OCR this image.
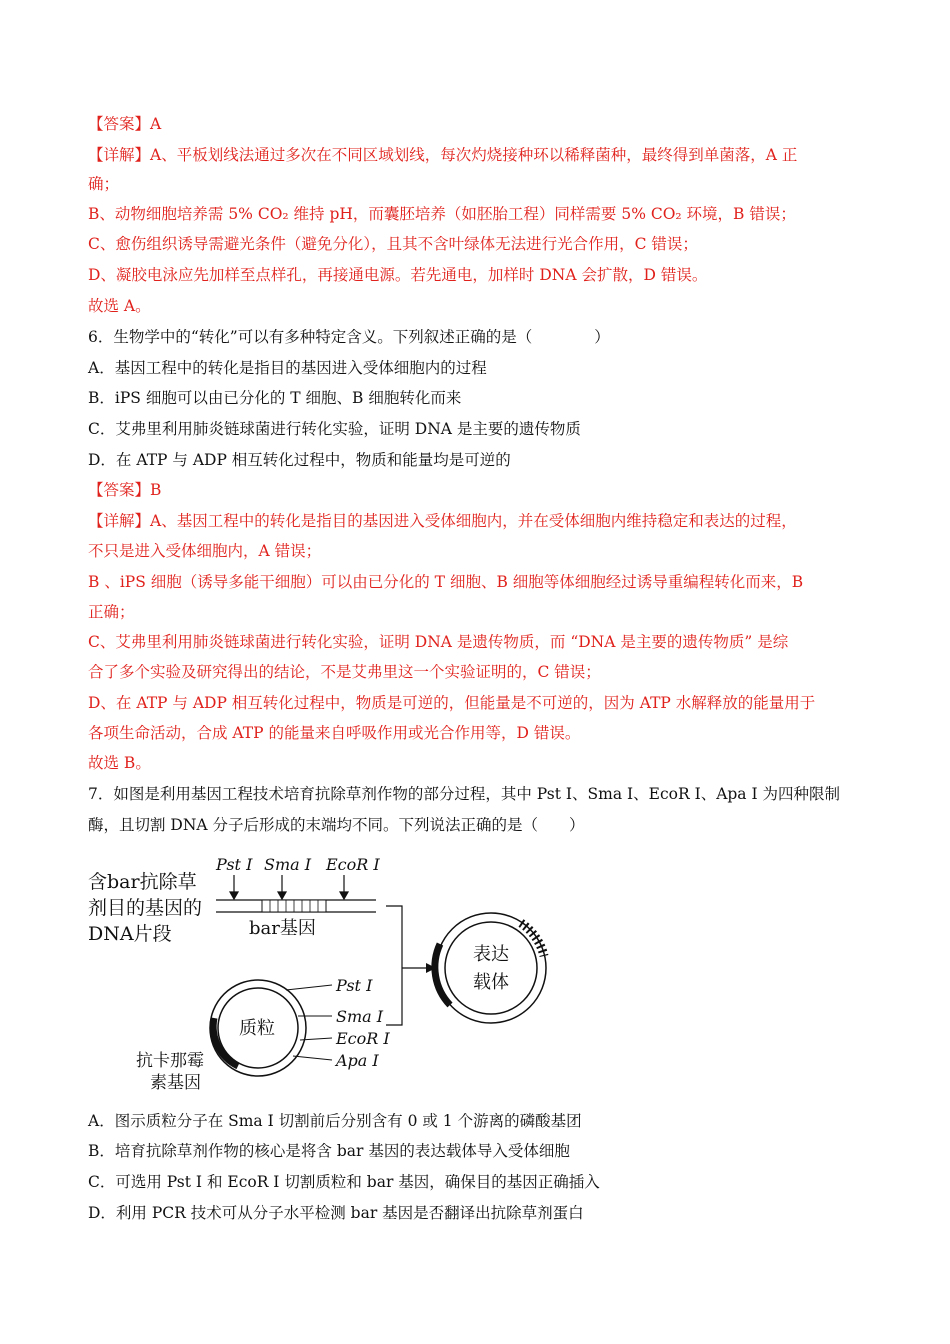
【答案】A
【详解】A、平板划线法通过多次在不同区域划线，每次灼烧接种环以稀释菌种，最终得到单菌落，A 正
确；
B、动物细胞培养需 5% CO₂ 维持 pH，而囊胚培养（如胚胎工程）同样需要 5% CO₂ 环境，B 错误；
C、愈伤组织诱导需避光条件（避免分化），且其不含叶绿体无法进行光合作用，C 错误；
D、凝胶电泳应先加样至点样孔，再接通电源。若先通电，加样时 DNA 会扩散，D 错误。
故选 A。
6．生物学中的“转化”可以有多种特定含义。下列叙述正确的是（　　　　）
A．基因工程中的转化是指目的基因进入受体细胞内的过程
B．iPS 细胞可以由已分化的 T 细胞、B 细胞转化而来
C．艾弗里利用肺炎链球菌进行转化实验，证明 DNA 是主要的遗传物质
D．在 ATP 与 ADP 相互转化过程中，物质和能量均是可逆的
【答案】B
【详解】A、基因工程中的转化是指目的基因进入受体细胞内，并在受体细胞内维持稳定和表达的过程，
不只是进入受体细胞内，A 错误；
B 、iPS 细胞（诱导多能干细胞）可以由已分化的 T 细胞、B 细胞等体细胞经过诱导重编程转化而来，B
正确；
C、艾弗里利用肺炎链球菌进行转化实验，证明 DNA 是遗传物质，而 “DNA 是主要的遗传物质” 是综
合了多个实验及研究得出的结论，不是艾弗里这一个实验证明的，C 错误；
D、在 ATP 与 ADP 相互转化过程中，物质是可逆的，但能量是不可逆的，因为 ATP 水解释放的能量用于
各项生命活动，合成 ATP 的能量来自呼吸作用或光合作用等，D 错误。
故选 B。
7．如图是利用基因工程技术培育抗除草剂作物的部分过程，其中 Pst I、Sma I、EcoR I、Apa I 为四种限制
酶，且切割 DNA 分子后形成的末端均不同。下列说法正确的是（　　）
含bar抗除草
剂目的基因的
DNA片段	bar基因
Pst Ⅰ Sma Ⅰ EcoR Ⅰ
表达
载体
质粒
Pst Ⅰ
Sma Ⅰ
EcoR Ⅰ
Apa Ⅰ
抗卡那霉
素基因
A．图示质粒分子在 Sma I 切割前后分别含有 0 或 1 个游离的磷酸基团
B．培育抗除草剂作物的核心是将含 bar 基因的表达载体导入受体细胞
C．可选用 Pst I 和 EcoR I 切割质粒和 bar 基因，确保目的基因正确插入
D．利用 PCR 技术可从分子水平检测 bar 基因是否翻译出抗除草剂蛋白
